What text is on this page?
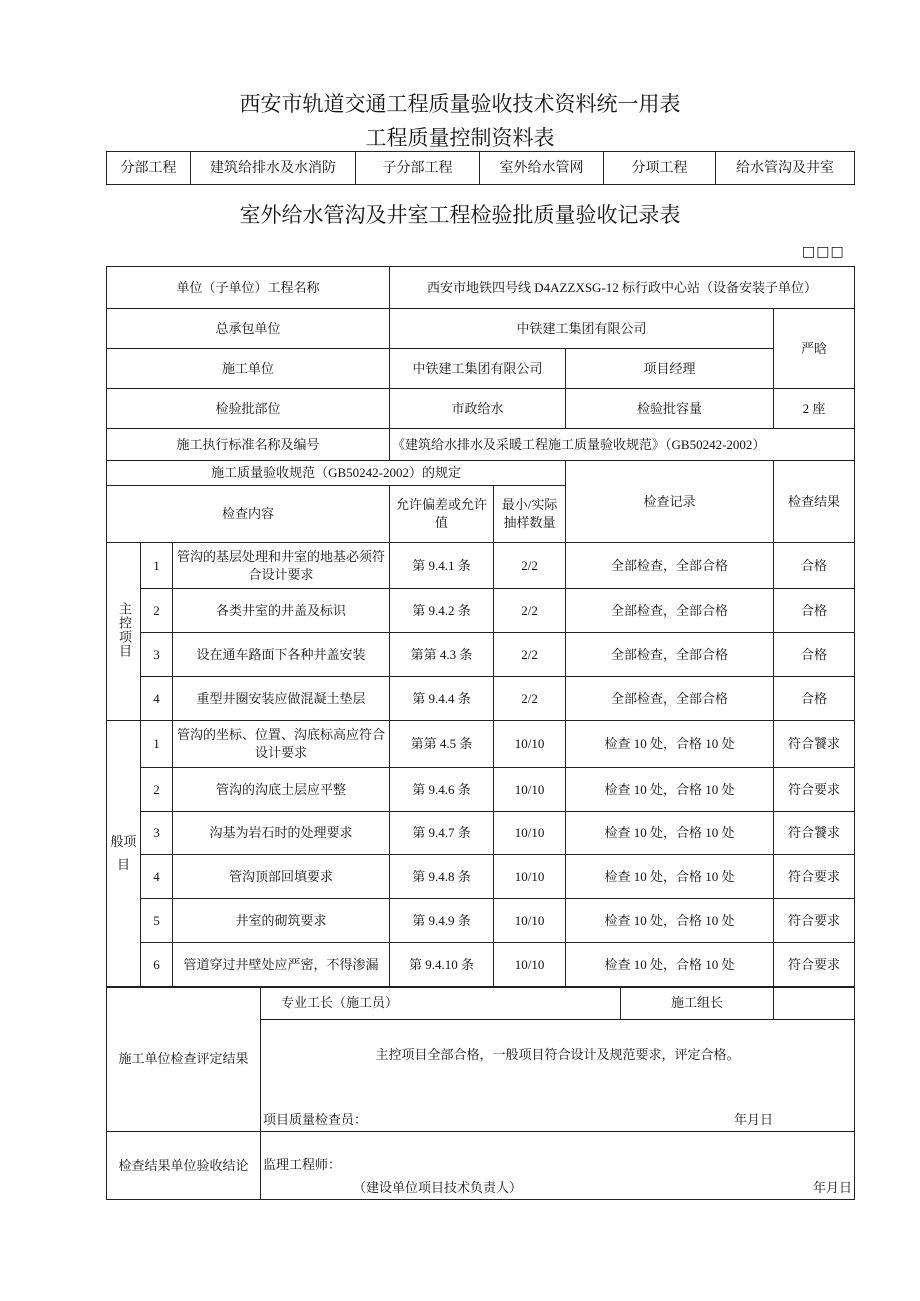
西安市轨道交通工程质量验收技术资料统一用表
工程质量控制资料表
分部工程	建筑给排水及水消防	子分部工程	室外给水管网	分项工程	给水管沟及井室
室外给水管沟及井室工程检验批质量验收记录表
□□□
单位（子单位）工程名称			西安市地铁四号线 D4AZZXSG-12 标行政中心站（设备安装子单位）			
总承包单位			中铁建工集团有限公司			严晗
施工单位			中铁建工集团有限公司		项目经理	
检验批部位			市政给水		检验批容量	2 座
施工执行标准名称及编号			《建筑给水排水及采暖工程施工质量验收规范》（GB50242-2002）			
施工质量验收规范（GB50242-2002）的规定					检查记录	检查结果
检查内容			允许偏差或允许值	最小/实际抽样数量		
主控项目	1	管沟的基层处理和井室的地基必须符合设计要求	第 9.4.1 条	2/2	全部检查，全部合格	合格
	2	各类井室的井盖及标识	第 9.4.2 条	2/2	全部检查，全部合格	合格
	3	设在通车路面下各种井盖安装	第第 4.3 条	2/2	全部检查，全部合格	合格
	4	重型井圈安装应做混凝土垫层	第 9.4.4 条	2/2	全部检查，全部合格	合格

般项
目	1	管沟的坐标、位置、沟底标高应符合设计要求	第第 4.5 条	10/10	检查 10 处，合格 10 处	符合饕求
	2	管沟的沟底土层应平整	第 9.4.6 条	10/10	检查 10 处，合格 10 处	符合要求
	3	沟基为岩石时的处理要求	第 9.4.7 条	10/10	检查 10 处，合格 10 处	符合饕求
	4	管沟顶部回填要求	第 9.4.8 条	10/10	检查 10 处，合格 10 处	符合要求
	5	井室的砌筑要求	第 9.4.9 条	10/10	检查 10 处，合格 10 处	符合要求
	6	管道穿过井壁处应严密，不得渗漏	第 9.4.10 条	10/10	检查 10 处，合格 10 处	符合要求
施工单位检查评定结果	专业工长（施工员）	施工组长	

	主控项目全部合格，一般项目符合设计及规范要求，评定合格。
项目质量检查员： 年月日		

检查结果单位验收结论	监理工程师：
（建设单位项目技术负责人） 年月日		
